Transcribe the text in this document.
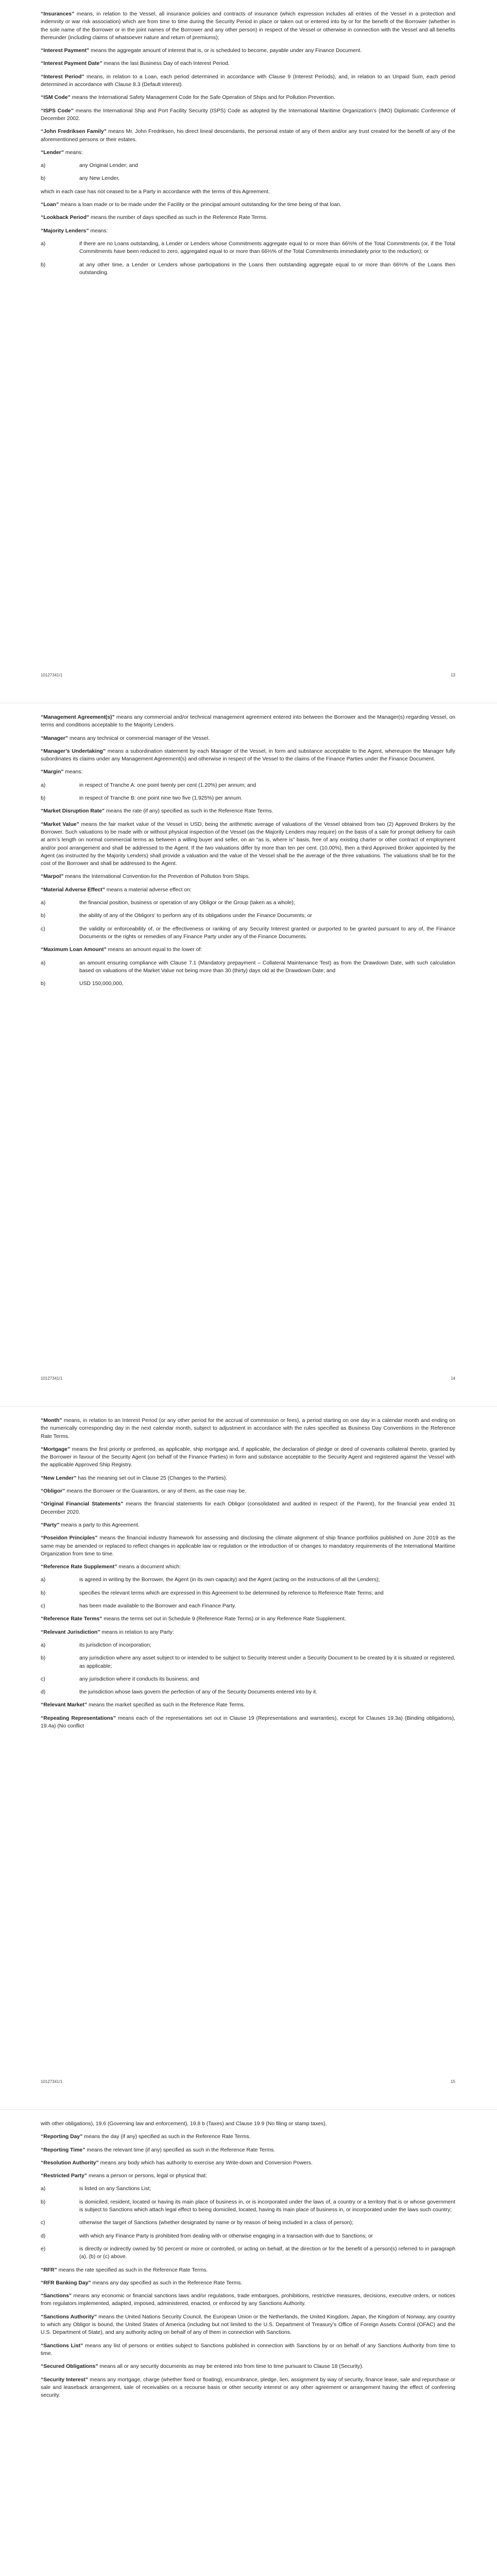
“Insurances” means, in relation to the Vessel, all insurance policies and contracts of insurance (which expression includes all entries of the Vessel in a protection and indemnity or war risk association) which are from time to time during the Security Period in place or taken out or entered into by or for the benefit of the Borrower (whether in the sole name of the Borrower or in the joint names of the Borrower and any other person) in respect of the Vessel or otherwise in connection with the Vessel and all benefits thereunder (including claims of whatsoever nature and return of premiums);

“Interest Payment” means the aggregate amount of interest that is, or is scheduled to become, payable under any Finance Document.

“Interest Payment Date” means the last Business Day of each Interest Period.

“Interest Period” means, in relation to a Loan, each period determined in accordance with Clause 9 (Interest Periods), and, in relation to an Unpaid Sum, each period determined in accordance with Clause 8.3 (Default interest).

“ISM Code” means the International Safety Management Code for the Safe Operation of Ships and for Pollution Prevention.

“ISPS Code” means the International Ship and Port Facility Security (ISPS) Code as adopted by the International Maritime Organization’s (IMO) Diplomatic Conference of December 2002.

“John Fredriksen Family” means Mr. John Fredriksen, his direct lineal descendants, the personal estate of any of them and/or any trust created for the benefit of any of the aforementioned persons or their estates.

“Lender” means:

a)	any Original Lender; and
b)	any New Lender,

which in each case has not ceased to be a Party in accordance with the terms of this Agreement.

“Loan” means a loan made or to be made under the Facility or the principal amount outstanding for the time being of that loan.

“Lookback Period” means the number of days specified as such in the Reference Rate Terms.

“Majority Lenders” means:

a)	if there are no Loans outstanding, a Lender or Lenders whose Commitments aggregate equal to or more than 66⅔% of the Total Commitments (or, if the Total Commitments have been reduced to zero, aggregated equal to or more than 66⅔% of the Total Commitments immediately prior to the reduction); or
b)	at any other time, a Lender or Lenders whose participations in the Loans then outstanding aggregate equal to or more than 66⅔% of the Loans then outstanding.
10127341/1	13

“Management Agreement(s)” means any commercial and/or technical management agreement entered into between the Borrower and the Manager(s) regarding Vessel, on terms and conditions acceptable to the Majority Lenders.

“Manager” means any technical or commercial manager of the Vessel.

“Manager’s Undertaking” means a subordination statement by each Manager of the Vessel, in form and substance acceptable to the Agent, whereupon the Manager fully subordinates its claims under any Management Agreement(s) and otherwise in respect of the Vessel to the claims of the Finance Parties under the Finance Document.

“Margin” means:

a)	in respect of Tranche A: one point twenty per cent (1.20%) per annum; and
b)	in respect of Tranche B: one point nine two five (1.925%) per annum.

“Market Disruption Rate” means the rate (if any) specified as such in the Reference Rate Terms.

“Market Value” means the fair market value of the Vessel in USD, being the arithmetic average of valuations of the Vessel obtained from two (2) Approved Brokers by the Borrower. Such valuations to be made with or without physical inspection of the Vessel (as the Majority Lenders may require) on the basis of a sale for prompt delivery for cash at arm’s length on normal commercial terms as between a willing buyer and seller, on an “as is, where is” basis, free of any existing charter or other contract of employment and/or pool arrangement and shall be addressed to the Agent. If the two valuations differ by more than ten per cent. (10.00%), then a third Approved Broker appointed by the Agent (as instructed by the Majority Lenders) shall provide a valuation and the value of the Vessel shall be the average of the three valuations. The valuations shall be for the cost of the Borrower and shall be addressed to the Agent.

“Marpol” means the International Convention for the Prevention of Pollution from Ships.

“Material Adverse Effect” means a material adverse effect on:

a)	the financial position, business or operation of any Obligor or the Group (taken as a whole);
b)	the ability of any of the Obligors’ to perform any of its obligations under the Finance Documents; or
c)	the validity or enforceability of, or the effectiveness or ranking of any Security Interest granted or purported to be granted pursuant to any of, the Finance Documents or the rights or remedies of any Finance Party under any of the Finance Documents.

“Maximum Loan Amount” means an amount equal to the lower of:

a)	an amount ensuring compliance with Clause 7.1 (Mandatory prepayment – Collateral Maintenance Test) as from the Drawdown Date, with such calculation based on valuations of the Market Value not being more than 30 (thirty) days old at the Drawdown Date; and
b)	USD 150,000,000,
10127341/1	14

“Month” means, in relation to an Interest Period (or any other period for the accrual of commission or fees), a period starting on one day in a calendar month and ending on the numerically corresponding day in the next calendar month, subject to adjustment in accordance with the rules specified as Business Day Conventions in the Reference Rate Terms.

“Mortgage” means the first priority or preferred, as applicable, ship mortgage and, if applicable, the declaration of pledge or deed of covenants collateral thereto, granted by the Borrower in favour of the Security Agent (on behalf of the Finance Parties) in form and substance acceptable to the Security Agent and registered against the Vessel with the applicable Approved Ship Registry.

“New Lender” has the meaning set out in Clause 25 (Changes to the Parties).

“Obligor” means the Borrower or the Guarantors, or any of them, as the case may be.

“Original Financial Statements” means the financial statements for each Obligor (consolidated and audited in respect of the Parent), for the financial year ended 31 December 2020.

“Party” means a party to this Agreement.

“Poseidon Principles” means the financial industry framework for assessing and disclosing the climate alignment of ship finance portfolios published on June 2019 as the same may be amended or replaced to reflect changes in applicable law or regulation or the introduction of or changes to mandatory requirements of the International Maritime Organization from time to time.

“Reference Rate Supplement” means a document which:

a)	is agreed in writing by the Borrower, the Agent (in its own capacity) and the Agent (acting on the instructions of all the Lenders);
b)	specifies the relevant terms which are expressed in this Agreement to be determined by reference to Reference Rate Terms; and
c)	has been made available to the Borrower and each Finance Party.

“Reference Rate Terms” means the terms set out in Schedule 9 (Reference Rate Terms) or in any Reference Rate Supplement.

“Relevant Jurisdiction” means in relation to any Party:

a)	its jurisdiction of incorporation;
b)	any jurisdiction where any asset subject to or intended to be subject to Security Interest under a Security Document to be created by it is situated or registered, as applicable;
c)	any jurisdiction where it conducts its business; and
d)	the jurisdiction whose laws govern the perfection of any of the Security Documents entered into by it.

“Relevant Market” means the market specified as such in the Reference Rate Terms.

“Repeating Representations” means each of the representations set out in Clause 19 (Representations and warranties), except for Clauses 19.3a) (Binding obligations), 19.4a) (No conflict

10127341/1	15

with other obligations), 19.6 (Governing law and enforcement), 19.8 b (Taxes) and Clause 19.9 (No filing or stamp taxes).

“Reporting Day” means the day (if any) specified as such in the Reference Rate Terms.

“Reporting Time” means the relevant time (if any) specified as such in the Reference Rate Terms.

“Resolution Authority” means any body which has authority to exercise any Write-down and Conversion Powers.

“Restricted Party” means a person or persons, legal or physical that:

a)	is listed on any Sanctions List;
b)	is domiciled, resident, located or having its main place of business in, or is incorporated under the laws of, a country or a territory that is or whose government is subject to Sanctions which attach legal effect to being domiciled, located, having its main place of business in, or incorporated under the laws such country;
c)	otherwise the target of Sanctions (whether designated by name or by reason of being included in a class of person);
d)	with which any Finance Party is prohibited from dealing with or otherwise engaging in a transaction with due to Sanctions; or
e)	is directly or indirectly owned by 50 percent or more or controlled, or acting on behalf, at the direction or for the benefit of a person(s) referred to in paragraph (a), (b) or (c) above.

“RFR” means the rate specified as such in the Reference Rate Terms.

“RFR Banking Day” means any day specified as such in the Reference Rate Terms.

“Sanctions” means any economic or financial sanctions laws and/or regulations, trade embargoes, prohibitions, restrictive measures, decisions, executive orders, or notices from regulators implemented, adapted, imposed, administered, enacted, or enforced by any Sanctions Authority.

“Sanctions Authority” means the United Nations Security Council, the European Union or the Netherlands, the United Kingdom, Japan, the Kingdom of Norway, any country to which any Obligor is bound, the United States of America (including but not limited to the U.S. Department of Treasury’s Office of Foreign Assets Control (OFAC) and the U.S. Department of State), and any authority acting on behalf of any of them in connection with Sanctions.

“Sanctions List” means any list of persons or entities subject to Sanctions published in connection with Sanctions by or on behalf of any Sanctions Authority from time to time.

“Secured Obligations” means all or any security documents as may be entered into from time to time pursuant to Clause 18 (Security).

“Security Interest” means any mortgage, charge (whether fixed or floating), encumbrance, pledge, lien, assignment by way of security, finance lease, sale and repurchase or sale and leaseback arrangement, sale of receivables on a recourse basis or other security interest or any other agreement or arrangement having the effect of conferring security.
